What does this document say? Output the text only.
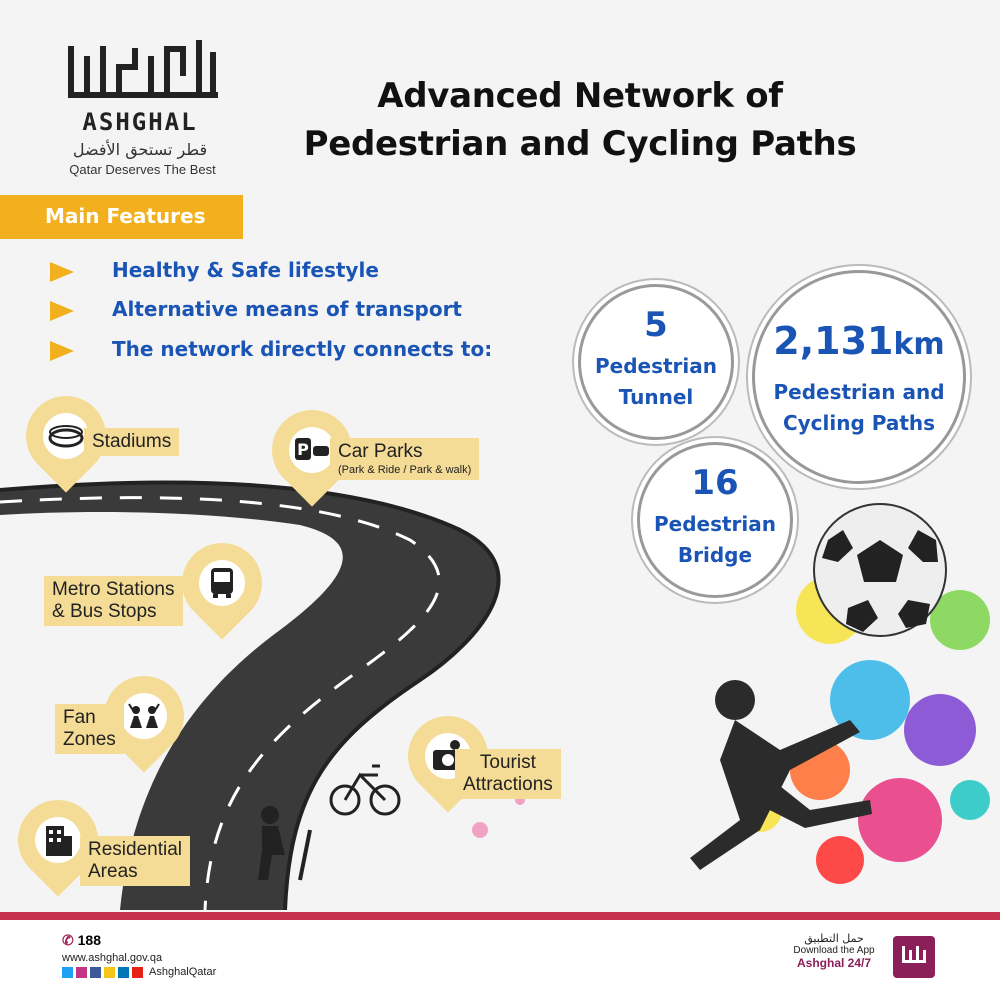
ASHGHAL
قطر تستحق الأفضل
Qatar Deserves The Best
Advanced Network of
Pedestrian and Cycling Paths
Main Features
Healthy & Safe lifestyle
Alternative means of transport
The network directly connects to:
5
Pedestrian
Tunnel
2,131km
Pedestrian and
Cycling Paths
16
Pedestrian
Bridge
Stadiums	P	Car Parks
(Park & Ride / Park & walk)
Metro Stations
& Bus Stops
Fan
Zones
Tourist
Attractions
Residential
Areas
✆ 188
www.ashghal.gov.qa
AshghalQatar
حمل التطبيق
Download the App
Ashghal 24/7
